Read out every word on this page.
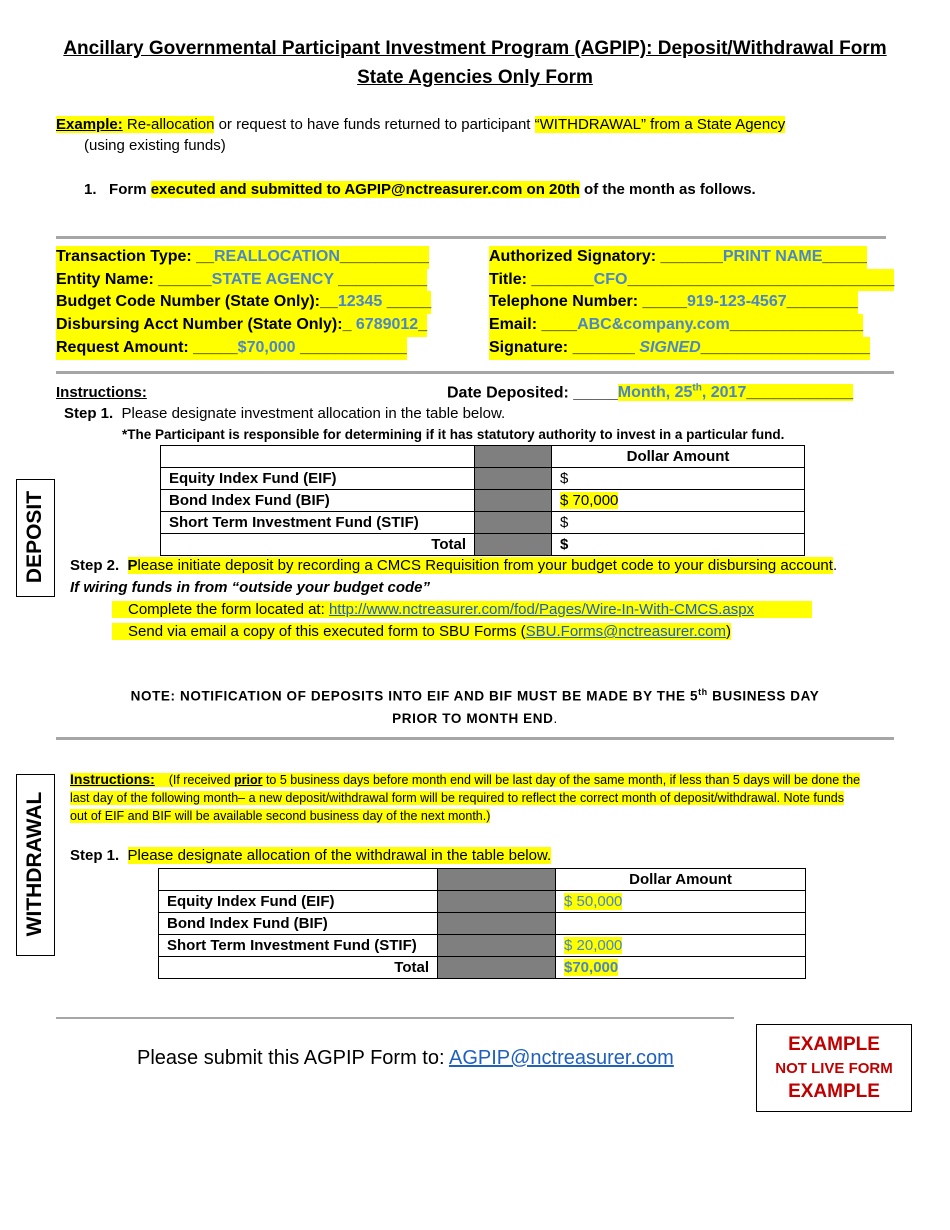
Ancillary Governmental Participant Investment Program (AGPIP): Deposit/Withdrawal Form
State Agencies Only Form
Example: Re-allocation or request to have funds returned to participant “WITHDRAWAL” from a State Agency
(using existing funds)
1. Form executed and submitted to AGPIP@nctreasurer.com on 20th of the month as follows.
Transaction Type: __REALLOCATION__________
Entity Name: ______STATE AGENCY __________
Budget Code Number (State Only):__12345 _____
Disbursing Acct Number (State Only):_ 6789012_
Request Amount: _____$70,000 ____________
Authorized Signatory: _______PRINT NAME_____
Title: _______CFO______________________________
Telephone Number: _____919-123-4567________
Email: ____ABC&company.com_______________
Signature: _______ SIGNED___________________
Instructions:	Date Deposited: _____Month, 25th, 2017____________
Step 1. Please designate investment allocation in the table below.
*The Participant is responsible for determining if it has statutory authority to invest in a particular fund.
DEPOSIT
		Dollar Amount
Equity Index Fund (EIF)		$
Bond Index Fund (BIF)		$ 70,000
Short Term Investment Fund (STIF)		$
Total		$
Step 2. Please initiate deposit by recording a CMCS Requisition from your budget code to your disbursing account.
If wiring funds in from “outside your budget code”
Complete the form located at: http://www.nctreasurer.com/fod/Pages/Wire-In-With-CMCS.aspx
Send via email a copy of this executed form to SBU Forms (SBU.Forms@nctreasurer.com)
NOTE: NOTIFICATION OF DEPOSITS INTO EIF AND BIF MUST BE MADE BY THE 5th BUSINESS DAY
PRIOR TO MONTH END.
WITHDRAWAL
Instructions: (If received prior to 5 business days before month end will be last day of the same month, if less than 5 days will be done the
last day of the following month– a new deposit/withdrawal form will be required to reflect the correct month of deposit/withdrawal. Note funds
out of EIF and BIF will be available second business day of the next month.)
Step 1. Please designate allocation of the withdrawal in the table below.
		Dollar Amount
Equity Index Fund (EIF)		$ 50,000
Bond Index Fund (BIF)		
Short Term Investment Fund (STIF)		$ 20,000
Total		$70,000
Please submit this AGPIP Form to: AGPIP@nctreasurer.com
EXAMPLE
NOT LIVE FORM
EXAMPLE
